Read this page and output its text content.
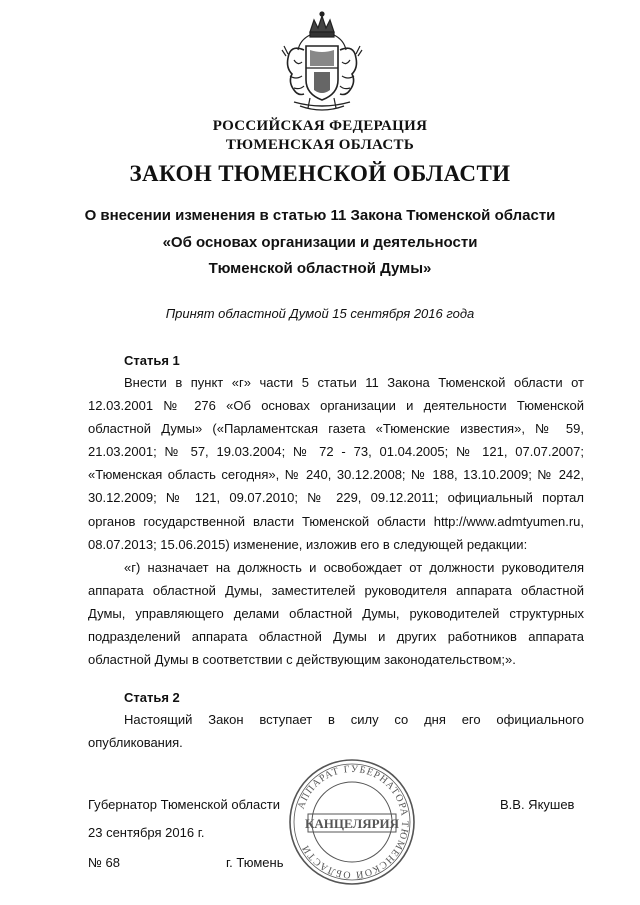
РОССИЙСКАЯ ФЕДЕРАЦИЯ
ТЮМЕНСКАЯ ОБЛАСТЬ
ЗАКОН ТЮМЕНСКОЙ ОБЛАСТИ
О внесении изменения в статью 11 Закона Тюменской области
«Об основах организации и деятельности
Тюменской областной Думы»
Принят областной Думой 15 сентября 2016 года
Статья 1
Внести в пункт «г» части 5 статьи 11 Закона Тюменской области от
12.03.2001 № 276 «Об основах организации и деятельности Тюменской
областной Думы» («Парламентская газета «Тюменские известия», № 59,
21.03.2001; № 57, 19.03.2004; № 72 - 73, 01.04.2005; № 121, 07.07.2007;
«Тюменская область сегодня», № 240, 30.12.2008; № 188, 13.10.2009; № 242,
30.12.2009; № 121, 09.07.2010; № 229, 09.12.2011; официальный портал
органов государственной власти Тюменской области http://www.admtyumen.ru,
08.07.2013; 15.06.2015) изменение, изложив его в следующей редакции:
«г) назначает на должность и освобождает от должности руководителя
аппарата областной Думы, заместителей руководителя аппарата областной
Думы, управляющего делами областной Думы, руководителей структурных
подразделений аппарата областной Думы и других работников аппарата
областной Думы в соответствии с действующим законодательством;».
Статья 2
Настоящий Закон вступает в силу со дня его официального
опубликования.
АППАРАТ ГУБЕРНАТОРА ТЮМЕНСКОЙ ОБЛАСТИ
КАНЦЕЛЯРИЯ
Губернатор Тюменской области	В.В. Якушев
23 сентября 2016 г.
№ 68	г. Тюмень
